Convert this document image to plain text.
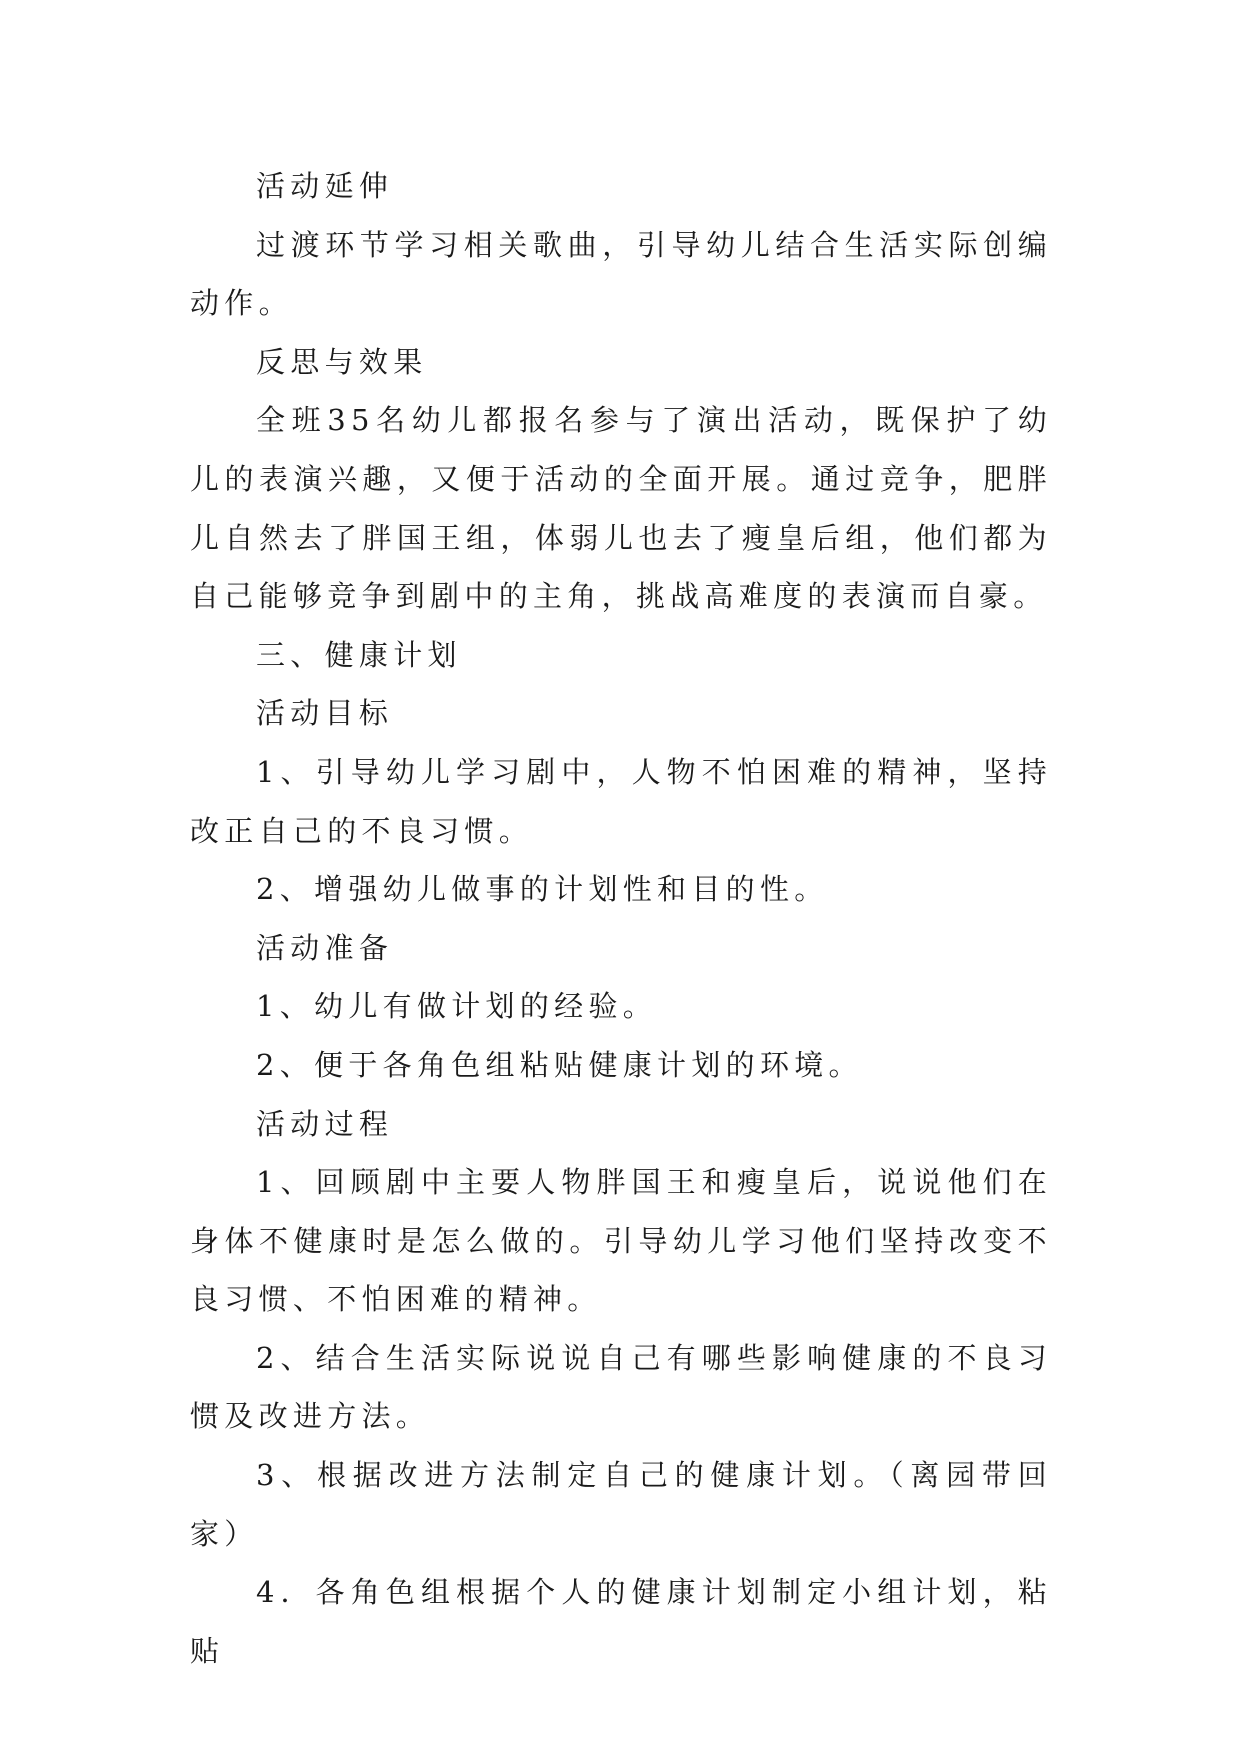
活动延伸

过渡环节学习相关歌曲，引导幼儿结合生活实际创编动作。

反思与效果

全班35名幼儿都报名参与了演出活动，既保护了幼儿的表演兴趣，又便于活动的全面开展。通过竞争，肥胖儿自然去了胖国王组，体弱儿也去了瘦皇后组，他们都为自己能够竞争到剧中的主角，挑战高难度的表演而自豪。

三、健康计划

活动目标

1、引导幼儿学习剧中，人物不怕困难的精神，坚持改正自己的不良习惯。

2、增强幼儿做事的计划性和目的性。

活动准备

1、幼儿有做计划的经验。

2、便于各角色组粘贴健康计划的环境。

活动过程

1、回顾剧中主要人物胖国王和瘦皇后，说说他们在身体不健康时是怎么做的。引导幼儿学习他们坚持改变不良习惯、不怕困难的精神。

2、结合生活实际说说自己有哪些影响健康的不良习惯及改进方法。

3、根据改进方法制定自己的健康计划。（离园带回家）

4．各角色组根据个人的健康计划制定小组计划，粘贴
